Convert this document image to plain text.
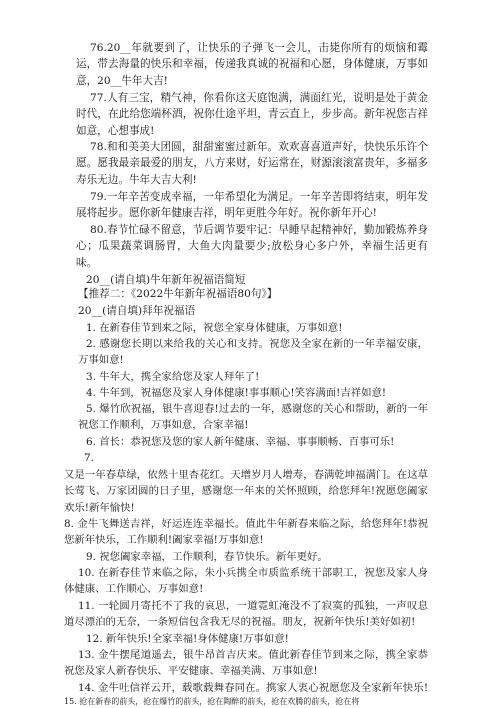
76.20__年就要到了，让快乐的子弹飞一会儿，击毙你所有的烦恼和霉运，带去海量的快乐和幸福，传递我真诚的祝福和心愿，身体健康，万事如意，20__牛年大吉!
77.人有三宝，精气神，你看你这天庭饱满，满面红光，说明是处于黄金时代，在此给您端杯酒，祝你仕途平坦，青云直上，步步高。新年祝您吉祥如意，心想事成!
78.和和美美大团圆，甜甜蜜蜜过新年。欢欢喜喜道声好，快快乐乐许个愿。愿我最亲最爱的朋友，八方来财，好运常在，财源滚滚富贵年，多福多寿乐无边。牛年大吉大利!
79.一年辛苦变成幸福，一年希望化为满足。一年辛苦即将结束，明年发展将起步。愿你新年健康吉祥，明年更胜今年好。祝你新年开心!
80.春节忙碌不留意，节后调节要牢记：早睡早起精神好，勤加锻炼养身心；瓜果蔬菜调肠胃，大鱼大肉量要少;放松身心多户外，幸福生活更有味。
20__(请自填)牛年新年祝福语简短
【推荐二：《2022牛年新年祝福语80句》】
20__(请自填)拜年祝福语
1. 在新春佳节到来之际，祝您全家身体健康，万事如意!
2. 感谢您长期以来给我的关心和支持。祝您及全家在新的一年幸福安康，万事如意!
3. 牛年大，携全家给您及家人拜年了!
4. 牛年到，祝福您及家人身体健康!事事顺心!笑容满面!吉祥如意!
5. 爆竹欣祝福，银牛喜迎春!过去的一年，感谢您的关心和帮助，新的一年祝您工作顺利，万事如意，合家幸福!
6. 首长：恭祝您及您的家人新年健康、幸福、事事顺畅、百事可乐!
7.
又是一年春草绿，依然十里杏花红。天增岁月人增寿，春满乾坤福满门。在这草长莺飞、万家团圆的日子里，感谢您一年来的关怀照顾，给您拜年!祝愿您阖家欢乐!新年愉快!
8. 金牛飞舞送吉祥，好运连连幸福长。值此牛年新春来临之际，给您拜年!恭祝您新年快乐，工作顺利!阖家幸福!万事如意!
9. 祝您阖家幸福，工作顺利，春节快乐。新年更好。
10. 在新春佳节来临之际，朱小兵携全市质监系统干部职工，祝您及家人身体健康、工作顺心、万事如意!
11. 一轮圆月寄托不了我的哀思，一道霓虹淹没不了寂寞的孤独，一声叹息道尽漂泊的无奈，一条短信包含我无尽的祝福。朋友，祝新年快乐!美好如初!
12. 新年快乐!全家幸福!身体健康!万事如意!
13. 金牛摆尾道遥去，银牛昂首吉庆来。值此新春佳节到来之际，携全家恭祝您及家人新春快乐、平安健康、幸福美满、万事如意!
14. 金牛吐信祥云开，载歌载舞春同在。携家人衷心祝愿您及全家新年快乐!
15. 抢在新春的前头，抢在爆竹的前头，抢在陶醉的前头，抢在欢腾的前头，抢在将
